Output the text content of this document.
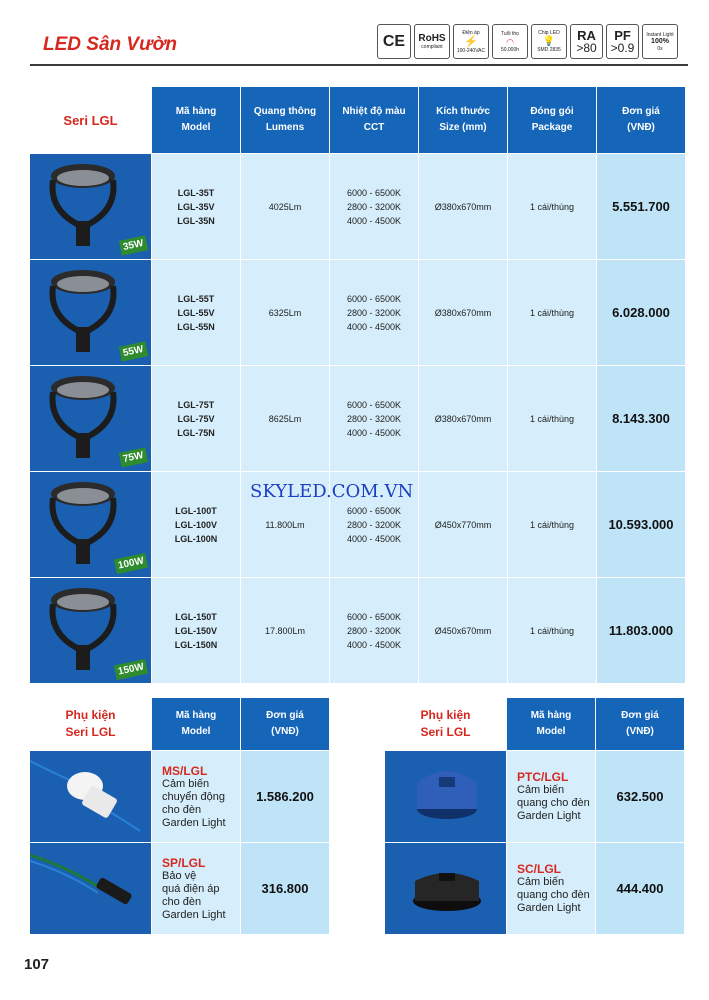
LED Sân Vườn	CE RoHS
compliant
Điện áp
⚡
100-240VAC
Tuổi thọ
◠
50.000h
Chip LED
💡
SMD 2835
RA
>80
PF
>0.9
Instant Light
100%
0s
Seri LGL	Mã hàng
Model	Quang thông
Lumens	Nhiệt độ màu
CCT	Kích thước
Size (mm)	Đóng gói
Package	Đơn giá
(VNĐ)

35W	LGL-35T
LGL-35V
LGL-35N	4025Lm	6000 - 6500K
2800 - 3200K
4000 - 4500K	Ø380x670mm	1 cái/thùng	5.551.700

55W	LGL-55T
LGL-55V
LGL-55N	6325Lm	6000 - 6500K
2800 - 3200K
4000 - 4500K	Ø380x670mm	1 cái/thùng	6.028.000

75W	LGL-75T
LGL-75V
LGL-75N	8625Lm	6000 - 6500K
2800 - 3200K
4000 - 4500K	Ø380x670mm	1 cái/thùng	8.143.300

100W	LGL-100T
LGL-100V
LGL-100N	11.800Lm	6000 - 6500K
2800 - 3200K
4000 - 4500K	Ø450x770mm	1 cái/thùng	10.593.000

150W	LGL-150T
LGL-150V
LGL-150N	17.800Lm	6000 - 6500K
2800 - 3200K
4000 - 4500K	Ø450x670mm	1 cái/thùng	11.803.000
SKYLED.COM.VN
Phụ kiện
Seri LGL	Mã hàng
Model	Đơn giá
(VNĐ)

MS/LGL
Cảm biến
chuyển động
cho đèn
Garden Light	1.586.200

SP/LGL
Bảo vệ
quá điện áp
cho đèn
Garden Light	316.800
Phụ kiện
Seri LGL	Mã hàng
Model	Đơn giá
(VNĐ)

PTC/LGL
Cảm biến
quang cho đèn
Garden Light	632.500

SC/LGL
Cảm biến
quang cho đèn
Garden Light	444.400
107
